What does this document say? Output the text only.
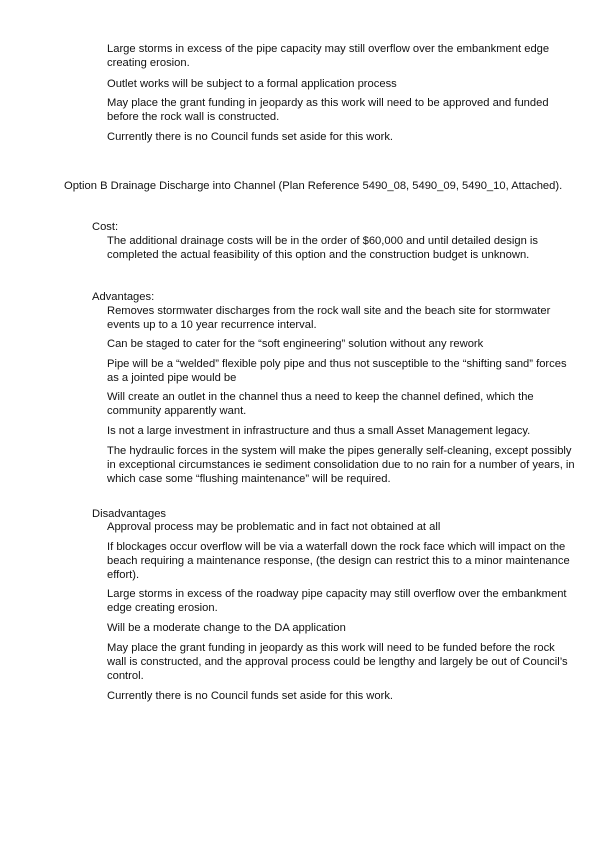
Large storms in excess of the pipe capacity may still overflow over the embankment edge creating erosion.

Outlet works will be subject to a formal application process

May place the grant funding in jeopardy as this work will need to be approved and funded before the rock wall is constructed.

Currently there is no Council funds set aside for this work.

Option B Drainage Discharge into Channel (Plan Reference 5490_08, 5490_09, 5490_10, Attached).

Cost:

The additional drainage costs will be in the order of $60,000 and until detailed design is completed the actual feasibility of this option and the construction budget is unknown.

Advantages:

Removes stormwater discharges from the rock wall site and the beach site for stormwater events up to a 10 year recurrence interval.

Can be staged to cater for the “soft engineering” solution without any rework

Pipe will be a “welded” flexible poly pipe and thus not susceptible to the “shifting sand” forces as a jointed pipe would be

Will create an outlet in the channel thus a need to keep the channel defined, which the community apparently want.

Is not a large investment in infrastructure and thus a small Asset Management legacy.

The hydraulic forces in the system will make the pipes generally self-cleaning, except possibly in exceptional circumstances ie sediment consolidation due to no rain for a number of years, in which case some “flushing maintenance” will be required.

Disadvantages

Approval process may be problematic and in fact not obtained at all

If blockages occur overflow will be via a waterfall down the rock face which will impact on the beach requiring a maintenance response, (the design can restrict this to a minor maintenance effort).

Large storms in excess of the roadway pipe capacity may still overflow over the embankment edge creating erosion.

Will be a moderate change to the DA application

May place the grant funding in jeopardy as this work will need to be funded before the rock wall is constructed, and the approval process could be lengthy and largely be out of Council’s control.

Currently there is no Council funds set aside for this work.
